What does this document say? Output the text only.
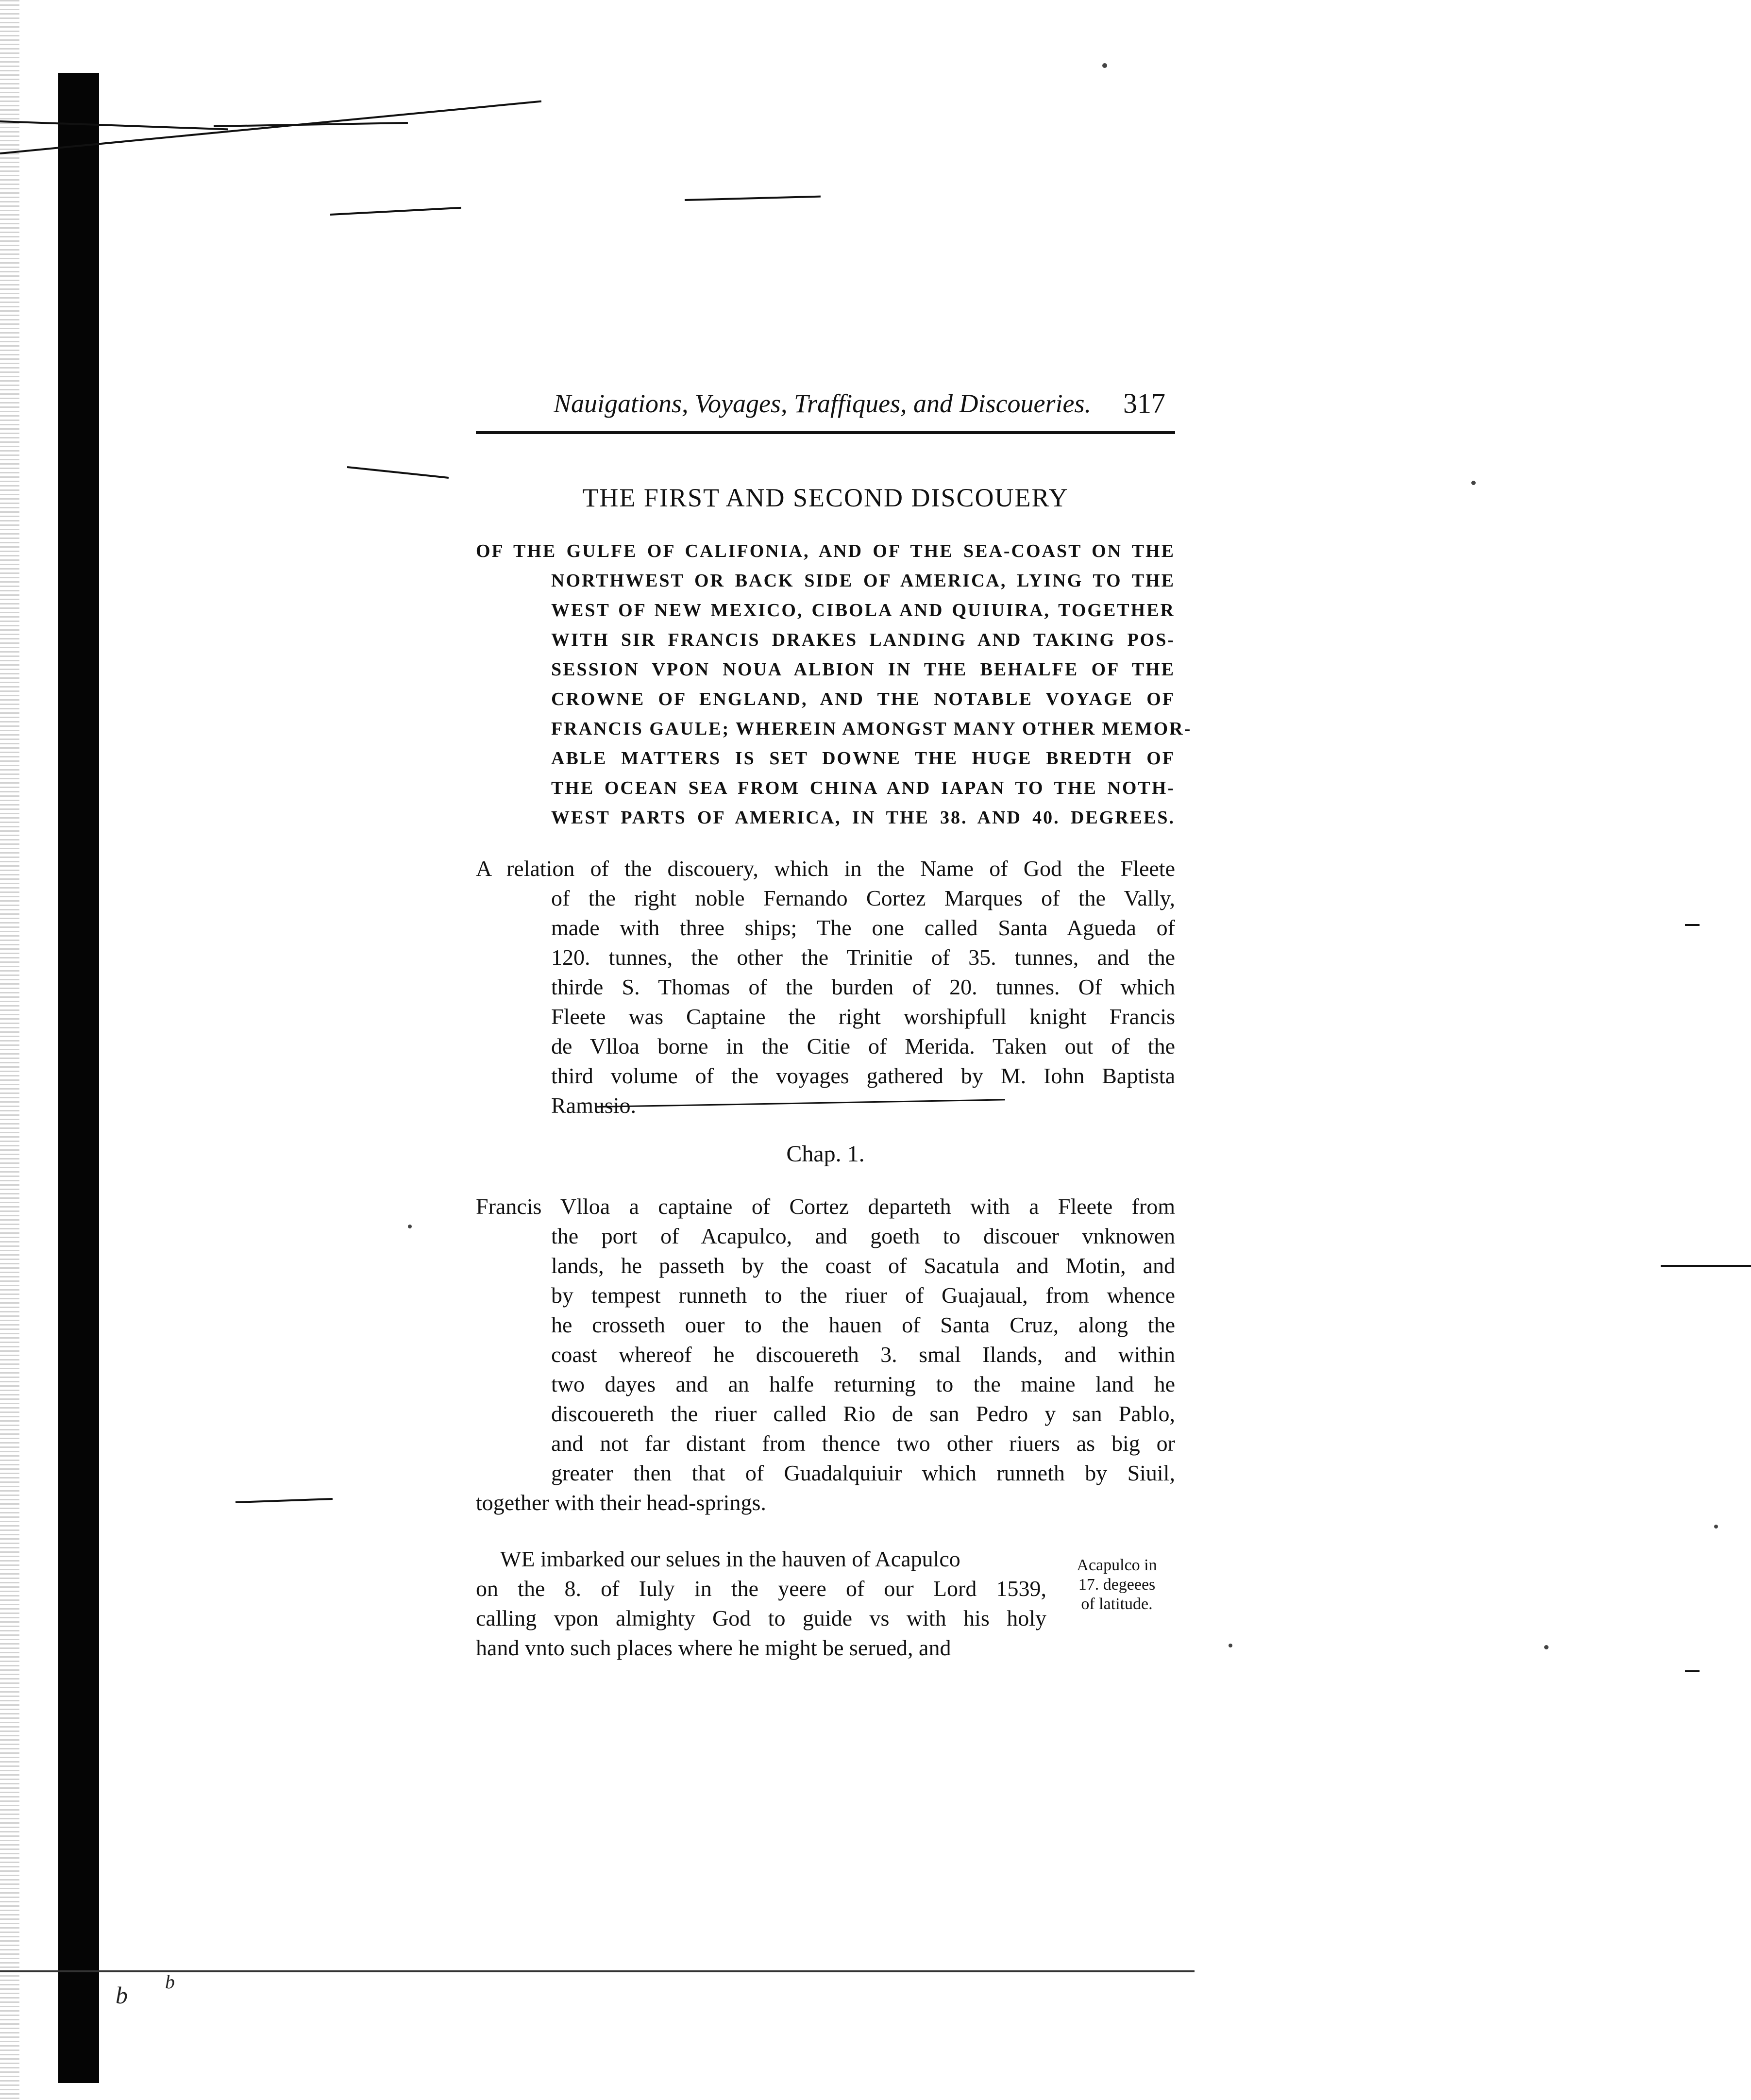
Nauigations, Voyages, Traffiques, and Discoueries. 317
THE FIRST AND SECOND DISCOUERY
OF THE GULFE OF CALIFONIA, AND OF THE SEA-COAST ON THE
NORTHWEST OR BACK SIDE OF AMERICA, LYING TO THE
WEST OF NEW MEXICO, CIBOLA AND QUIUIRA, TOGETHER
WITH SIR FRANCIS DRAKES LANDING AND TAKING POS-
SESSION VPON NOUA ALBION IN THE BEHALFE OF THE
CROWNE OF ENGLAND, AND THE NOTABLE VOYAGE OF
FRANCIS GAULE; WHEREIN AMONGST MANY OTHER MEMOR-
ABLE MATTERS IS SET DOWNE THE HUGE BREDTH OF
THE OCEAN SEA FROM CHINA AND IAPAN TO THE NOTH-
WEST PARTS OF AMERICA, IN THE 38. AND 40. DEGREES.
A relation of the discouery, which in the Name of God the Fleete
of the right noble Fernando Cortez Marques of the Vally,
made with three ships; The one called Santa Agueda of
120. tunnes, the other the Trinitie of 35. tunnes, and the
thirde S. Thomas of the burden of 20. tunnes. Of which
Fleete was Captaine the right worshipfull knight Francis
de Vlloa borne in the Citie of Merida. Taken out of the
third volume of the voyages gathered by M. Iohn Baptista
Ramusio.
Chap. 1.
Francis Vlloa a captaine of Cortez departeth with a Fleete from
the port of Acapulco, and goeth to discouer vnknowen
lands, he passeth by the coast of Sacatula and Motin, and
by tempest runneth to the riuer of Guajaual, from whence
he crosseth ouer to the hauen of Santa Cruz, along the
coast whereof he discouereth 3. smal Ilands, and within
two dayes and an halfe returning to the maine land he
discouereth the riuer called Rio de san Pedro y san Pablo,
and not far distant from thence two other riuers as big or
greater then that of Guadalquiuir which runneth by Siuil,
together with their head-springs.
WE imbarked our selues in the hauven of Acapulco
on the 8. of Iuly in the yeere of our Lord 1539,
calling vpon almighty God to guide vs with his holy
hand vnto such places where he might be serued, and
Acapulco in
17. degeees
of latitude.
b b
